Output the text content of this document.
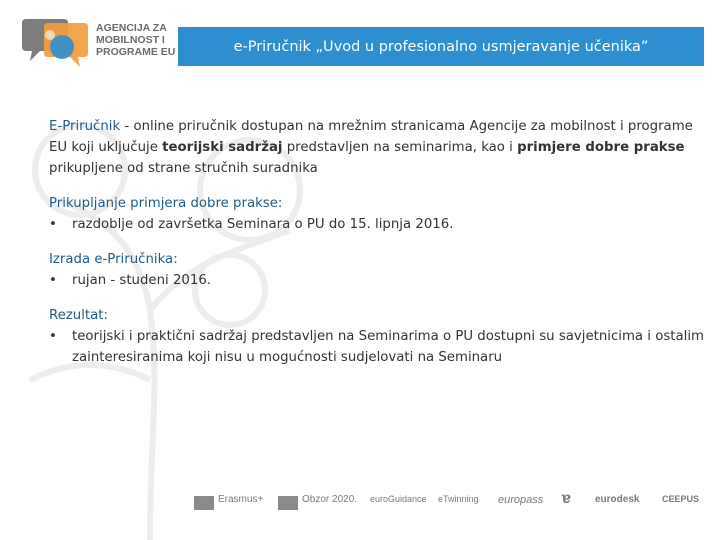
AGENCIJA ZA
MOBILNOST I
PROGRAME EU	e-Priručnik „Uvod u profesionalno usmjeravanje učenika”
E-Priručnik - online priručnik dostupan na mrežnim stranicama Agencije za mobilnost i programe EU koji uključuje teorijski sadržaj predstavljen na seminarima, kao i primjere dobre prakse prikupljene od strane stručnih suradnika
Prikupljanje primjera dobre prakse:
•	razdoblje od završetka Seminara o PU do 15. lipnja 2016.
Izrada e-Priručnika:
•	rujan - studeni 2016.
Rezultat:
•	teorijski i praktični sadržaj predstavljen na Seminarima o PU dostupni su savjetnicima i ostalim zainteresiranima koji nisu u mogućnosti sudjelovati na Seminaru
Erasmus+	Obzor 2020. euroGuidance eTwinning europass ɐ eurodesk	CEEPUS
